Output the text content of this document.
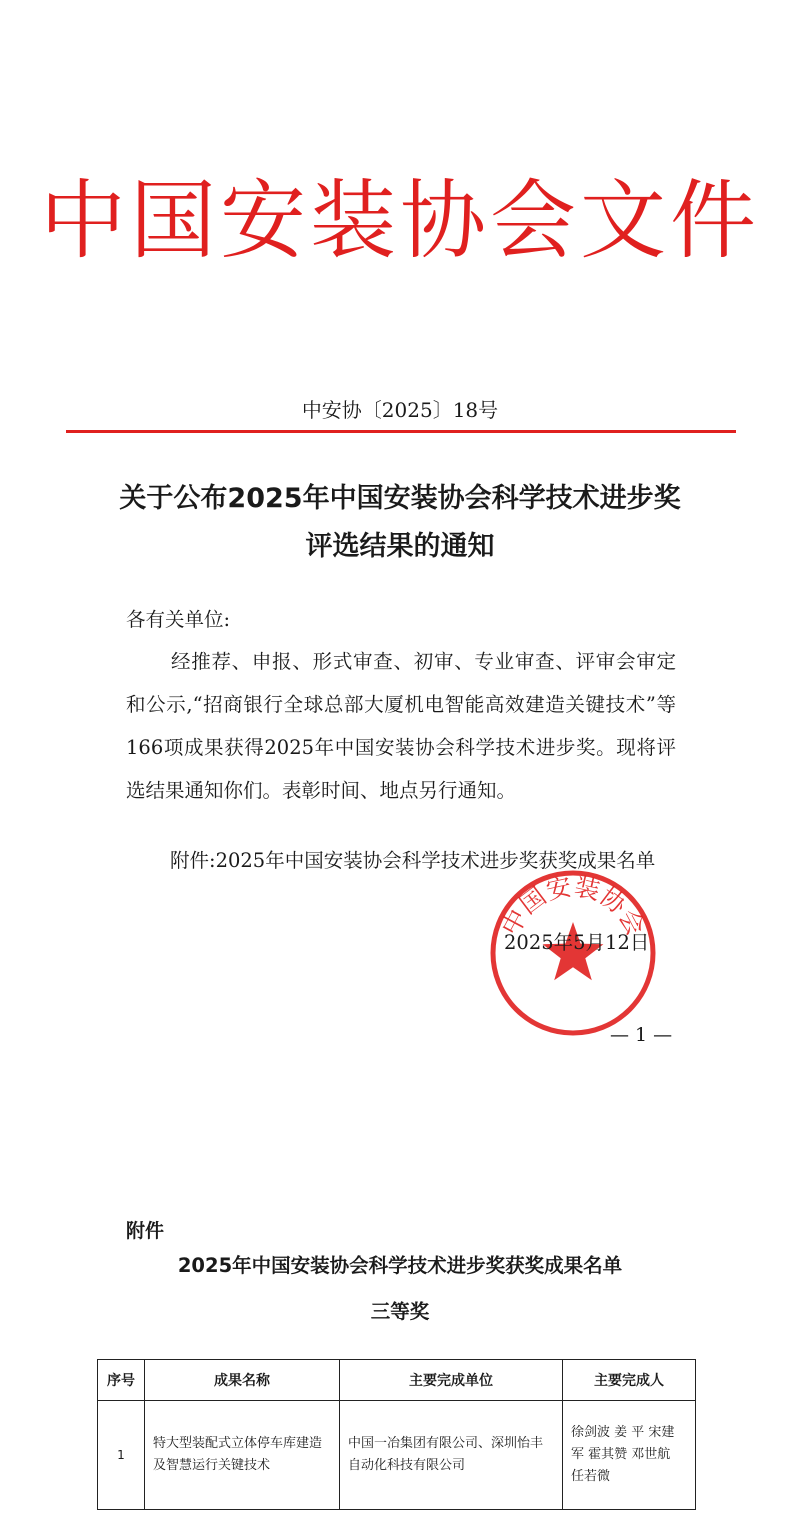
中国安装协会文件
中安协〔2025〕18号
关于公布2025年中国安装协会科学技术进步奖
评选结果的通知
各有关单位:
经推荐、申报、形式审查、初审、专业审查、评审会审定和公示,“招商银行全球总部大厦机电智能高效建造关键技术”等166项成果获得2025年中国安装协会科学技术进步奖。现将评选结果通知你们。表彰时间、地点另行通知。
附件:2025年中国安装协会科学技术进步奖获奖成果名单
中国安装协会
2025年5月12日
— 1 —
附件
2025年中国安装协会科学技术进步奖获奖成果名单
三等奖
序号	成果名称	主要完成单位	主要完成人
1	特大型装配式立体停车库建造及智慧运行关键技术	中国一冶集团有限公司、深圳怡丰自动化科技有限公司	徐剑波 姜 平 宋建军 霍其赞 邓世航 任若微
